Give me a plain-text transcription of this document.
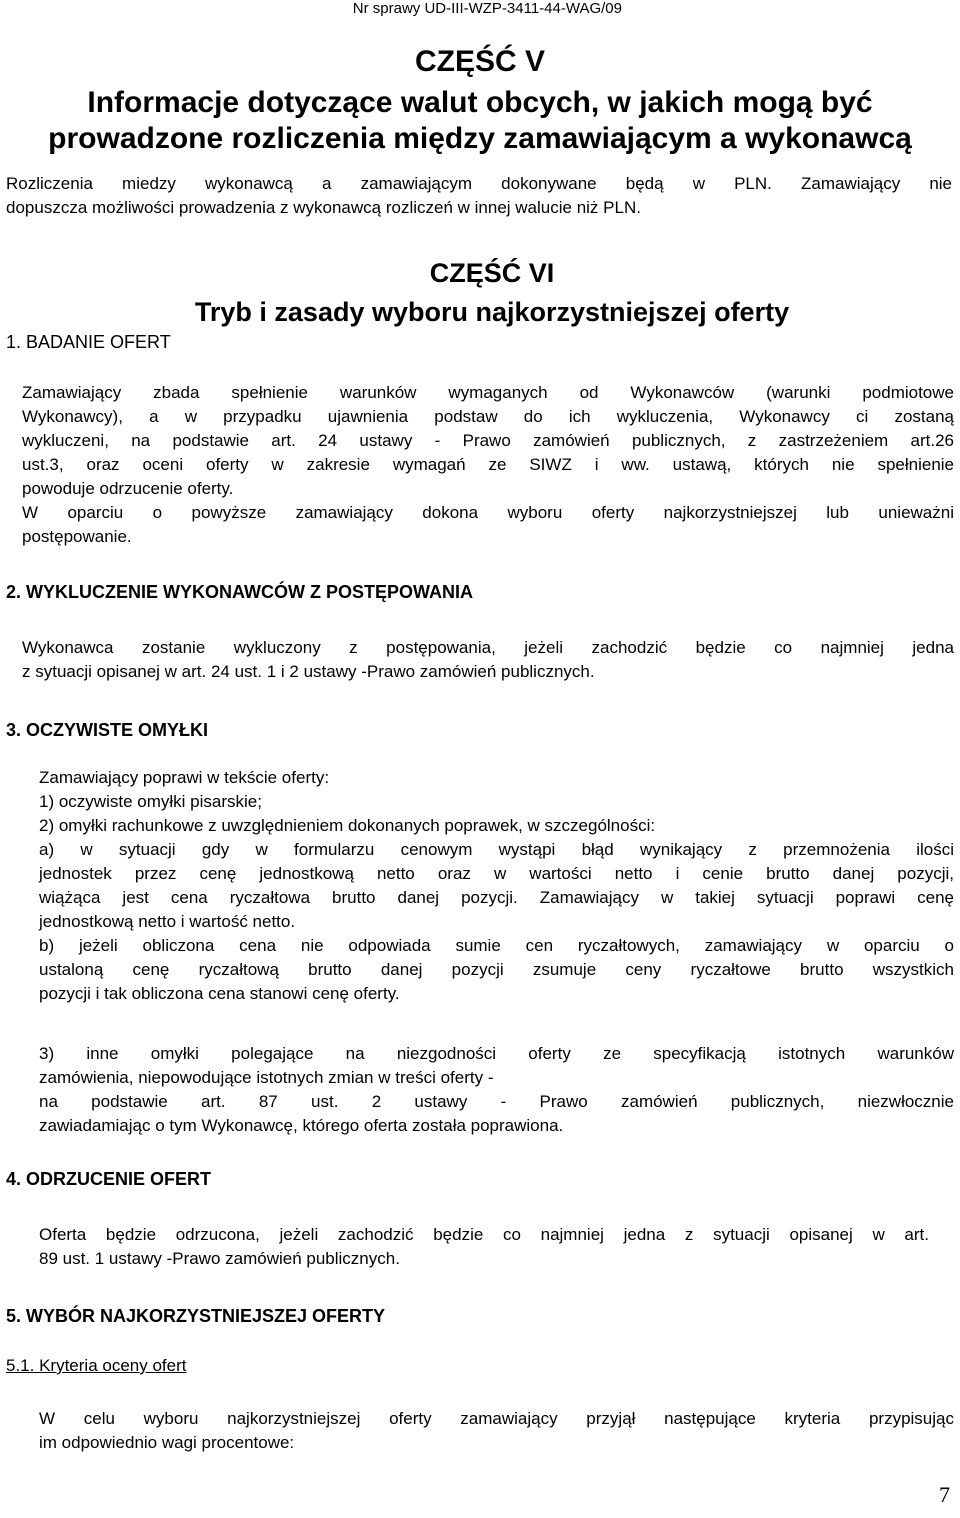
Nr sprawy UD-III-WZP-3411-44-WAG/09
CZĘŚĆ V
Informacje dotyczące walut obcych, w jakich mogą być
prowadzone rozliczenia między zamawiającym a wykonawcą
Rozliczenia miedzy wykonawcą a zamawiającym dokonywane będą w PLN. Zamawiający nie
dopuszcza możliwości prowadzenia z wykonawcą rozliczeń w innej walucie niż PLN.
CZĘŚĆ VI
Tryb i zasady wyboru najkorzystniejszej oferty
1. BADANIE OFERT
Zamawiający zbada spełnienie warunków wymaganych od Wykonawców (warunki podmiotowe
Wykonawcy), a w przypadku ujawnienia podstaw do ich wykluczenia, Wykonawcy ci zostaną
wykluczeni, na podstawie art. 24 ustawy - Prawo zamówień publicznych, z zastrzeżeniem art.26
ust.3, oraz oceni oferty w zakresie wymagań ze SIWZ i ww. ustawą, których nie spełnienie
powoduje odrzucenie oferty.
W oparciu o powyższe zamawiający dokona wyboru oferty najkorzystniejszej lub unieważni
postępowanie.
2. WYKLUCZENIE WYKONAWCÓW Z POSTĘPOWANIA
Wykonawca zostanie wykluczony z postępowania, jeżeli zachodzić będzie co najmniej jedna
z sytuacji opisanej w art. 24 ust. 1 i 2 ustawy -Prawo zamówień publicznych.
3. OCZYWISTE OMYŁKI
Zamawiający poprawi w tekście oferty:
1) oczywiste omyłki pisarskie;
2) omyłki rachunkowe z uwzględnieniem dokonanych poprawek, w szczególności:
a) w sytuacji gdy w formularzu cenowym wystąpi błąd wynikający z przemnożenia ilości
jednostek przez cenę jednostkową netto oraz w wartości netto i cenie brutto danej pozycji,
wiążąca jest cena ryczałtowa brutto danej pozycji. Zamawiający w takiej sytuacji poprawi cenę
jednostkową netto i wartość netto.
b) jeżeli obliczona cena nie odpowiada sumie cen ryczałtowych, zamawiający w oparciu o
ustaloną cenę ryczałtową brutto danej pozycji zsumuje ceny ryczałtowe brutto wszystkich
pozycji i tak obliczona cena stanowi cenę oferty.
3) inne omyłki polegające na niezgodności oferty ze specyfikacją istotnych warunków
zamówienia, niepowodujące istotnych zmian w treści oferty -
na podstawie art. 87 ust. 2 ustawy - Prawo zamówień publicznych, niezwłocznie
zawiadamiając o tym Wykonawcę, którego oferta została poprawiona.
4. ODRZUCENIE OFERT
Oferta będzie odrzucona, jeżeli zachodzić będzie co najmniej jedna z sytuacji opisanej w art.
89 ust. 1 ustawy -Prawo zamówień publicznych.
5. WYBÓR NAJKORZYSTNIEJSZEJ OFERTY
5.1. Kryteria oceny ofert
W celu wyboru najkorzystniejszej oferty zamawiający przyjął następujące kryteria przypisując
im odpowiednio wagi procentowe:
7
